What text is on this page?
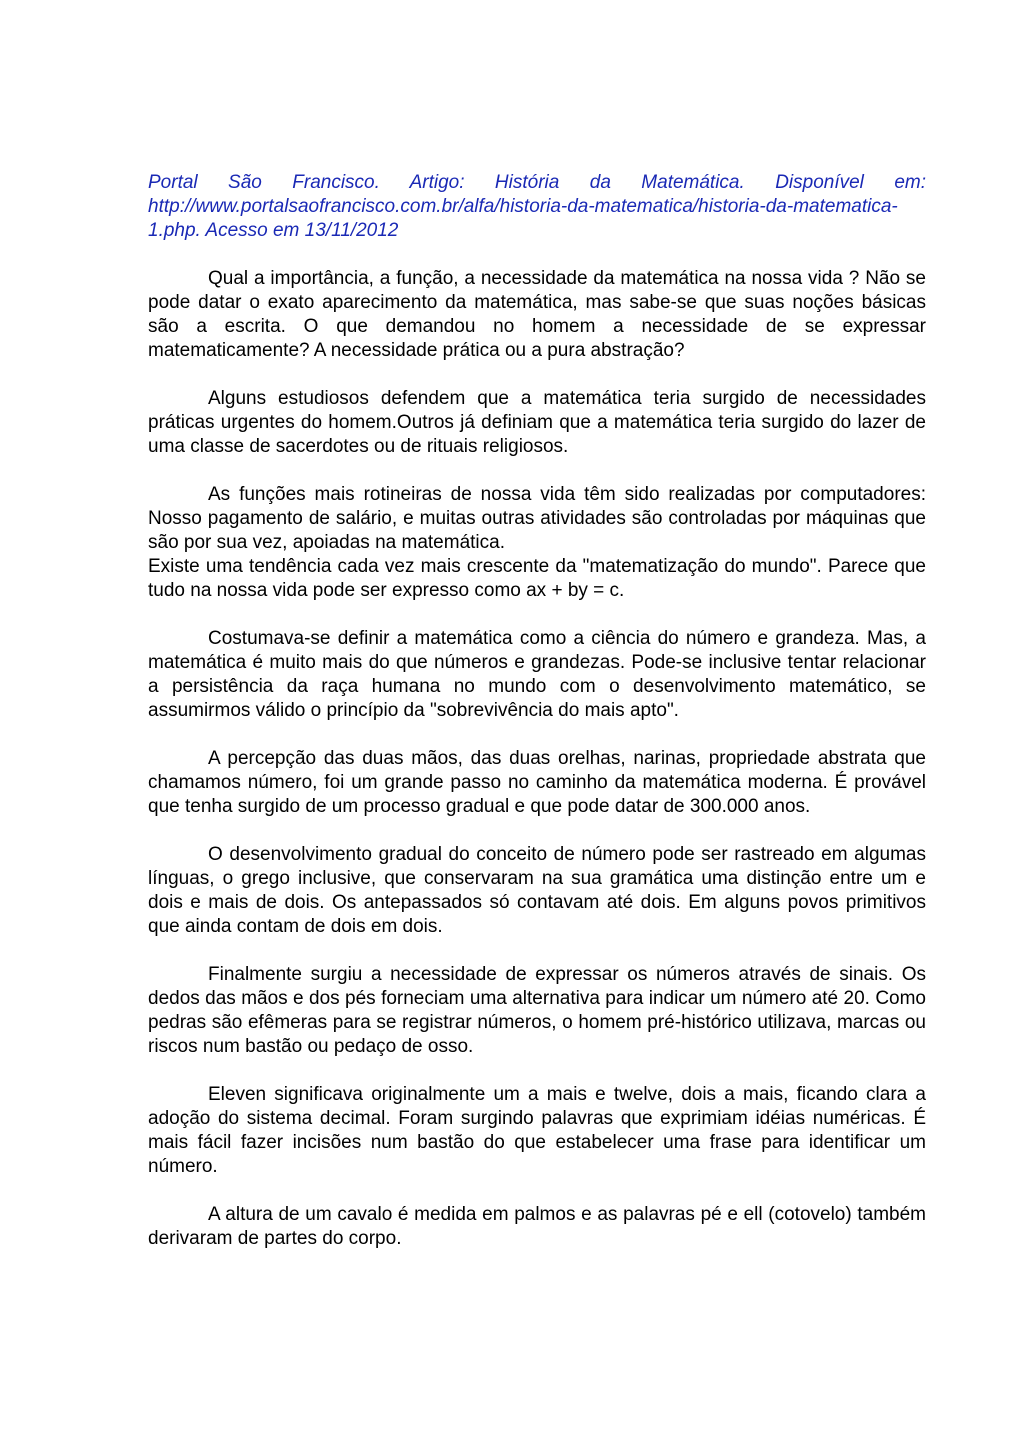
Portal São Francisco. Artigo: História da Matemática. Disponível em: http://www.portalsaofrancisco.com.br/alfa/historia-da-matematica/historia-da-matematica-1.php. Acesso em 13/11/2012

Qual a importância, a função, a necessidade da matemática na nossa vida ? Não se pode datar o exato aparecimento da matemática, mas sabe-se que suas noções básicas são a escrita. O que demandou no homem a necessidade de se expressar matematicamente? A necessidade prática ou a pura abstração?

Alguns estudiosos defendem que a matemática teria surgido de necessidades práticas urgentes do homem.Outros já definiam que a matemática teria surgido do lazer de uma classe de sacerdotes ou de rituais religiosos.

As funções mais rotineiras de nossa vida têm sido realizadas por computadores: Nosso pagamento de salário, e muitas outras atividades são controladas por máquinas que são por sua vez, apoiadas na matemática.

Existe uma tendência cada vez mais crescente da "matematização do mundo". Parece que tudo na nossa vida pode ser expresso como ax + by = c.

Costumava-se definir a matemática como a ciência do número e grandeza. Mas, a matemática é muito mais do que números e grandezas. Pode-se inclusive tentar relacionar a persistência da raça humana no mundo com o desenvolvimento matemático, se assumirmos válido o princípio da "sobrevivência do mais apto".

A percepção das duas mãos, das duas orelhas, narinas, propriedade abstrata que chamamos número, foi um grande passo no caminho da matemática moderna. É provável que tenha surgido de um processo gradual e que pode datar de 300.000 anos.

O desenvolvimento gradual do conceito de número pode ser rastreado em algumas línguas, o grego inclusive, que conservaram na sua gramática uma distinção entre um e dois e mais de dois. Os antepassados só contavam até dois. Em alguns povos primitivos que ainda contam de dois em dois.

Finalmente surgiu a necessidade de expressar os números através de sinais. Os dedos das mãos e dos pés forneciam uma alternativa para indicar um número até 20. Como pedras são efêmeras para se registrar números, o homem pré-histórico utilizava, marcas ou riscos num bastão ou pedaço de osso.

Eleven significava originalmente um a mais e twelve, dois a mais, ficando clara a adoção do sistema decimal. Foram surgindo palavras que exprimiam idéias numéricas. É mais fácil fazer incisões num bastão do que estabelecer uma frase para identificar um número.

A altura de um cavalo é medida em palmos e as palavras pé e ell (cotovelo) também derivaram de partes do corpo.
